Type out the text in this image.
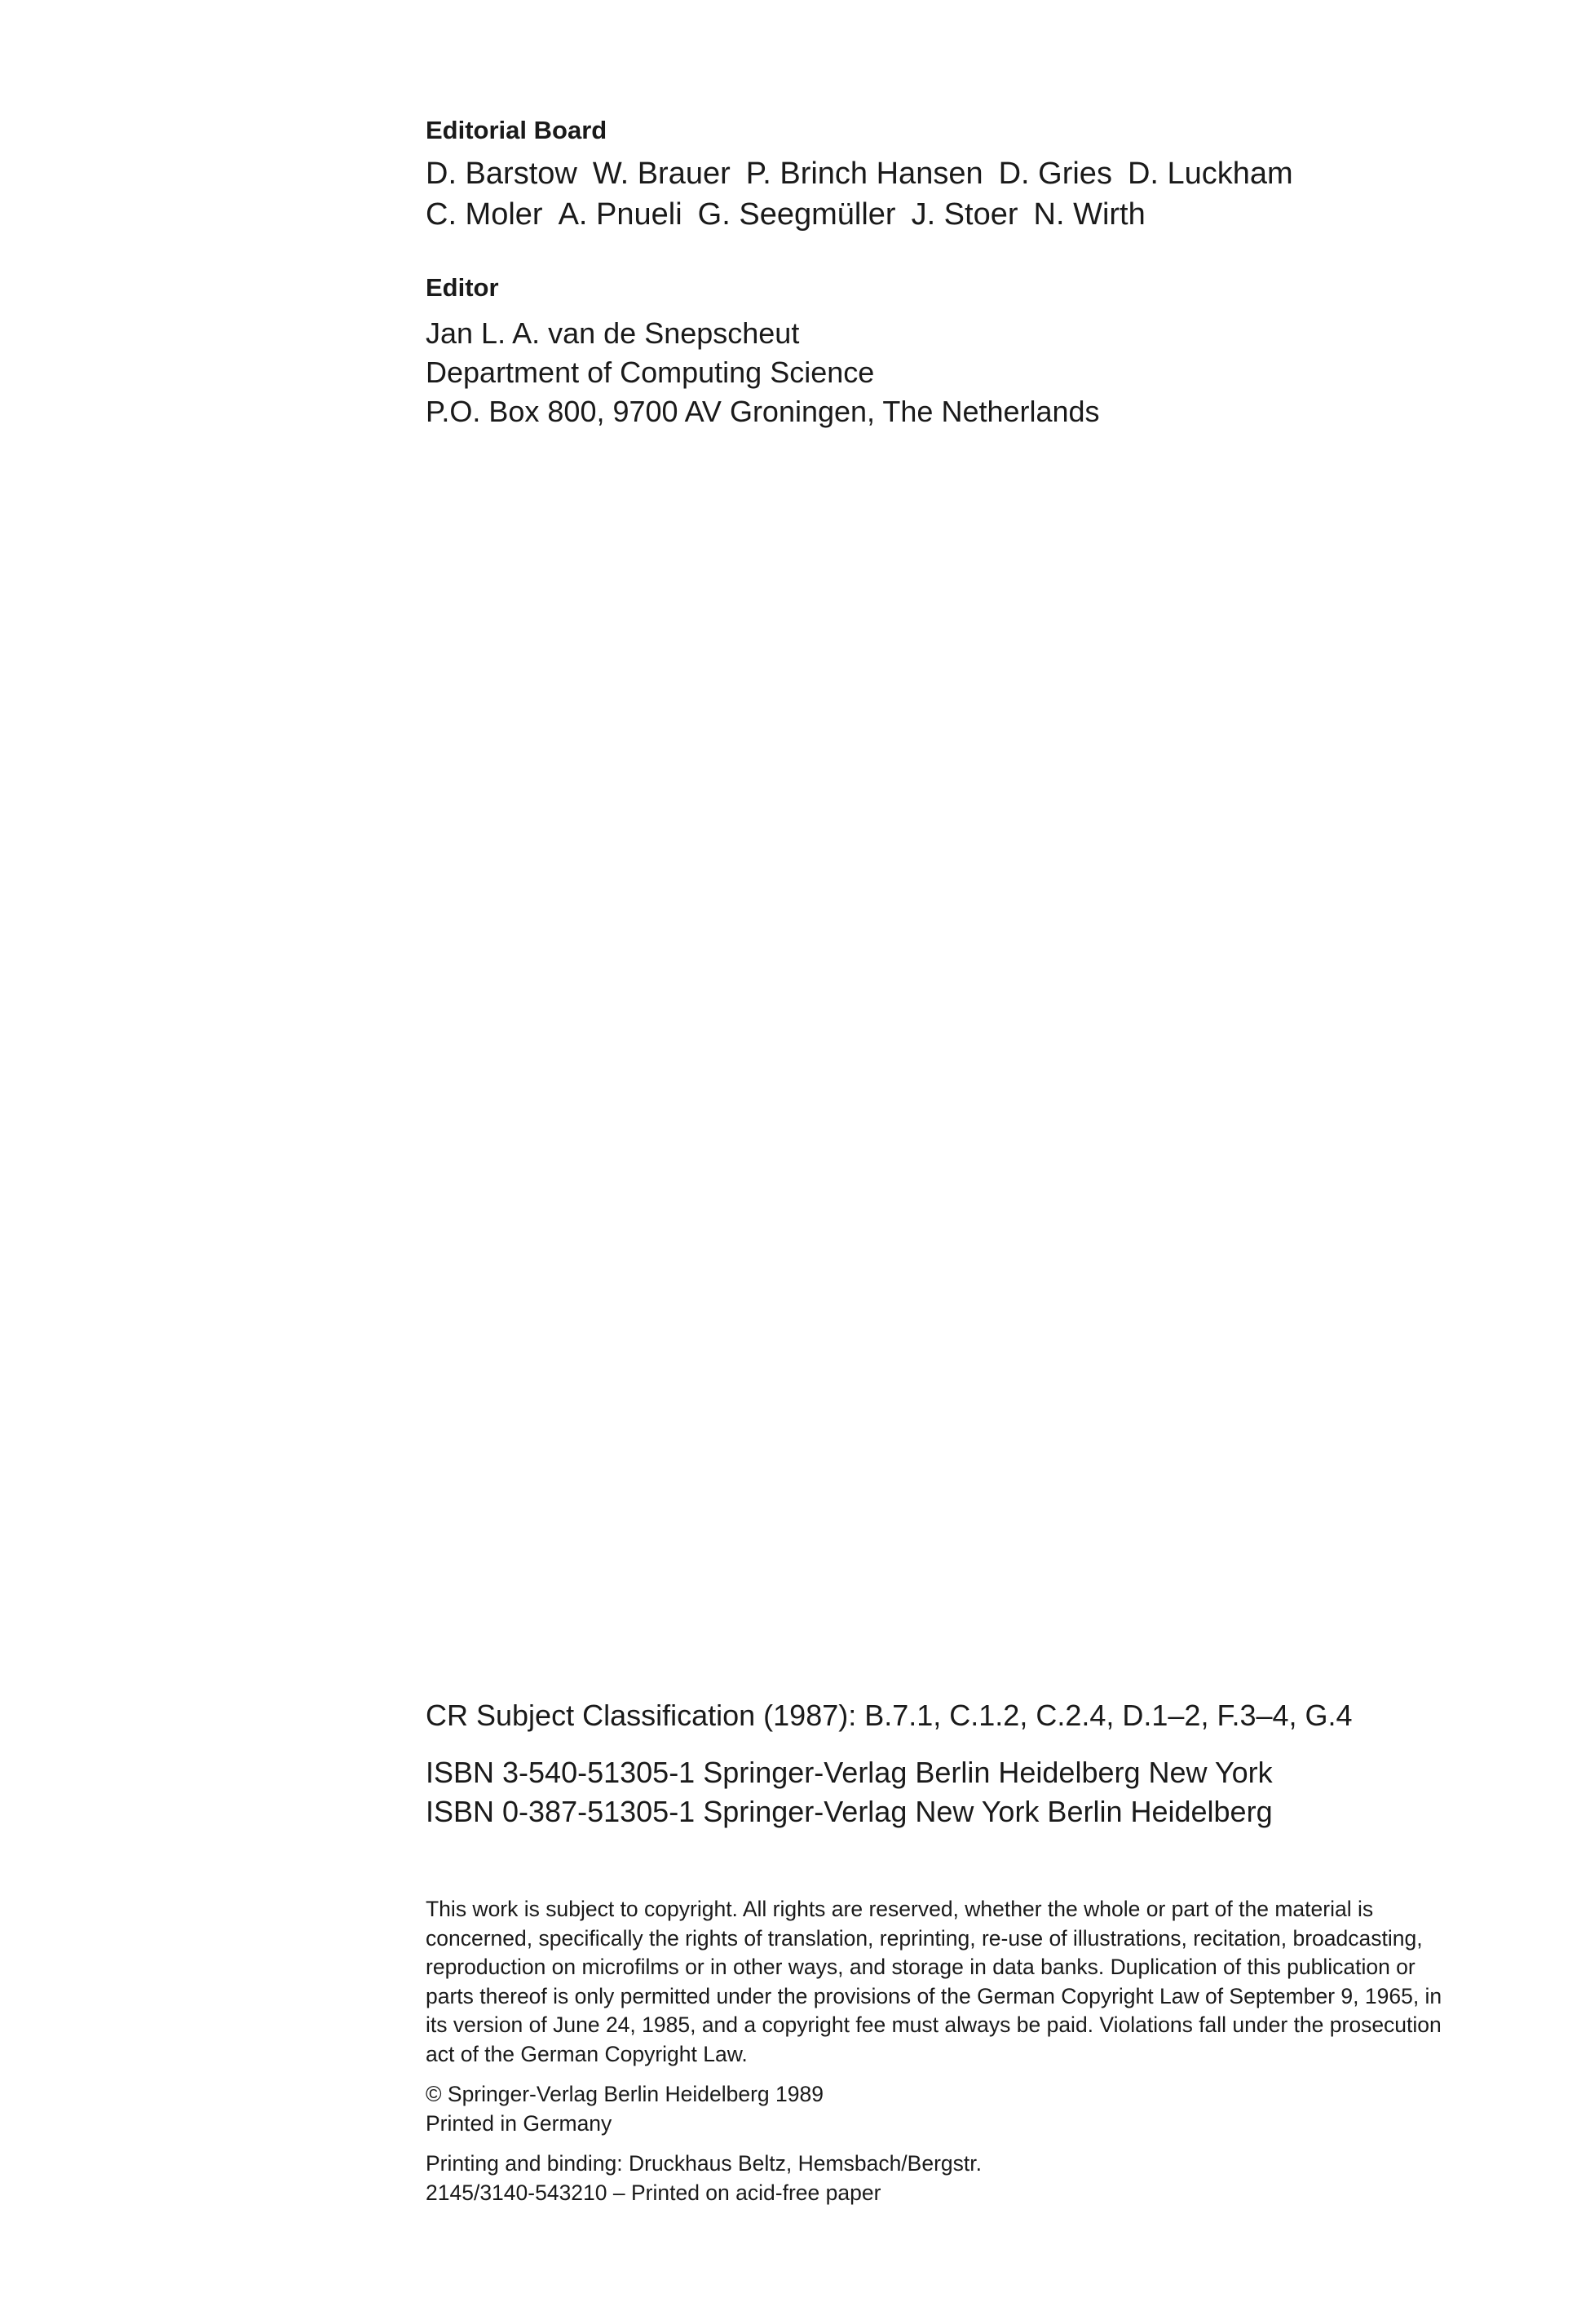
Editorial Board

D. Barstow W. Brauer P. Brinch Hansen D. Gries D. Luckham

C. Moler A. Pnueli G. Seegmüller J. Stoer N. Wirth

Editor

Jan L. A. van de Snepscheut

Department of Computing Science

P.O. Box 800, 9700 AV Groningen, The Netherlands

CR Subject Classification (1987): B.7.1, C.1.2, C.2.4, D.1–2, F.3–4, G.4

ISBN 3-540-51305-1 Springer-Verlag Berlin Heidelberg New York

ISBN 0-387-51305-1 Springer-Verlag New York Berlin Heidelberg

This work is subject to copyright. All rights are reserved, whether the whole or part of the material is concerned, specifically the rights of translation, reprinting, re-use of illustrations, recitation, broadcasting, reproduction on microfilms or in other ways, and storage in data banks. Duplication of this publication or parts thereof is only permitted under the provisions of the German Copyright Law of September 9, 1965, in its version of June 24, 1985, and a copyright fee must always be paid. Violations fall under the prosecution act of the German Copyright Law.

© Springer-Verlag Berlin Heidelberg 1989

Printed in Germany

Printing and binding: Druckhaus Beltz, Hemsbach/Bergstr.

2145/3140-543210 – Printed on acid-free paper
